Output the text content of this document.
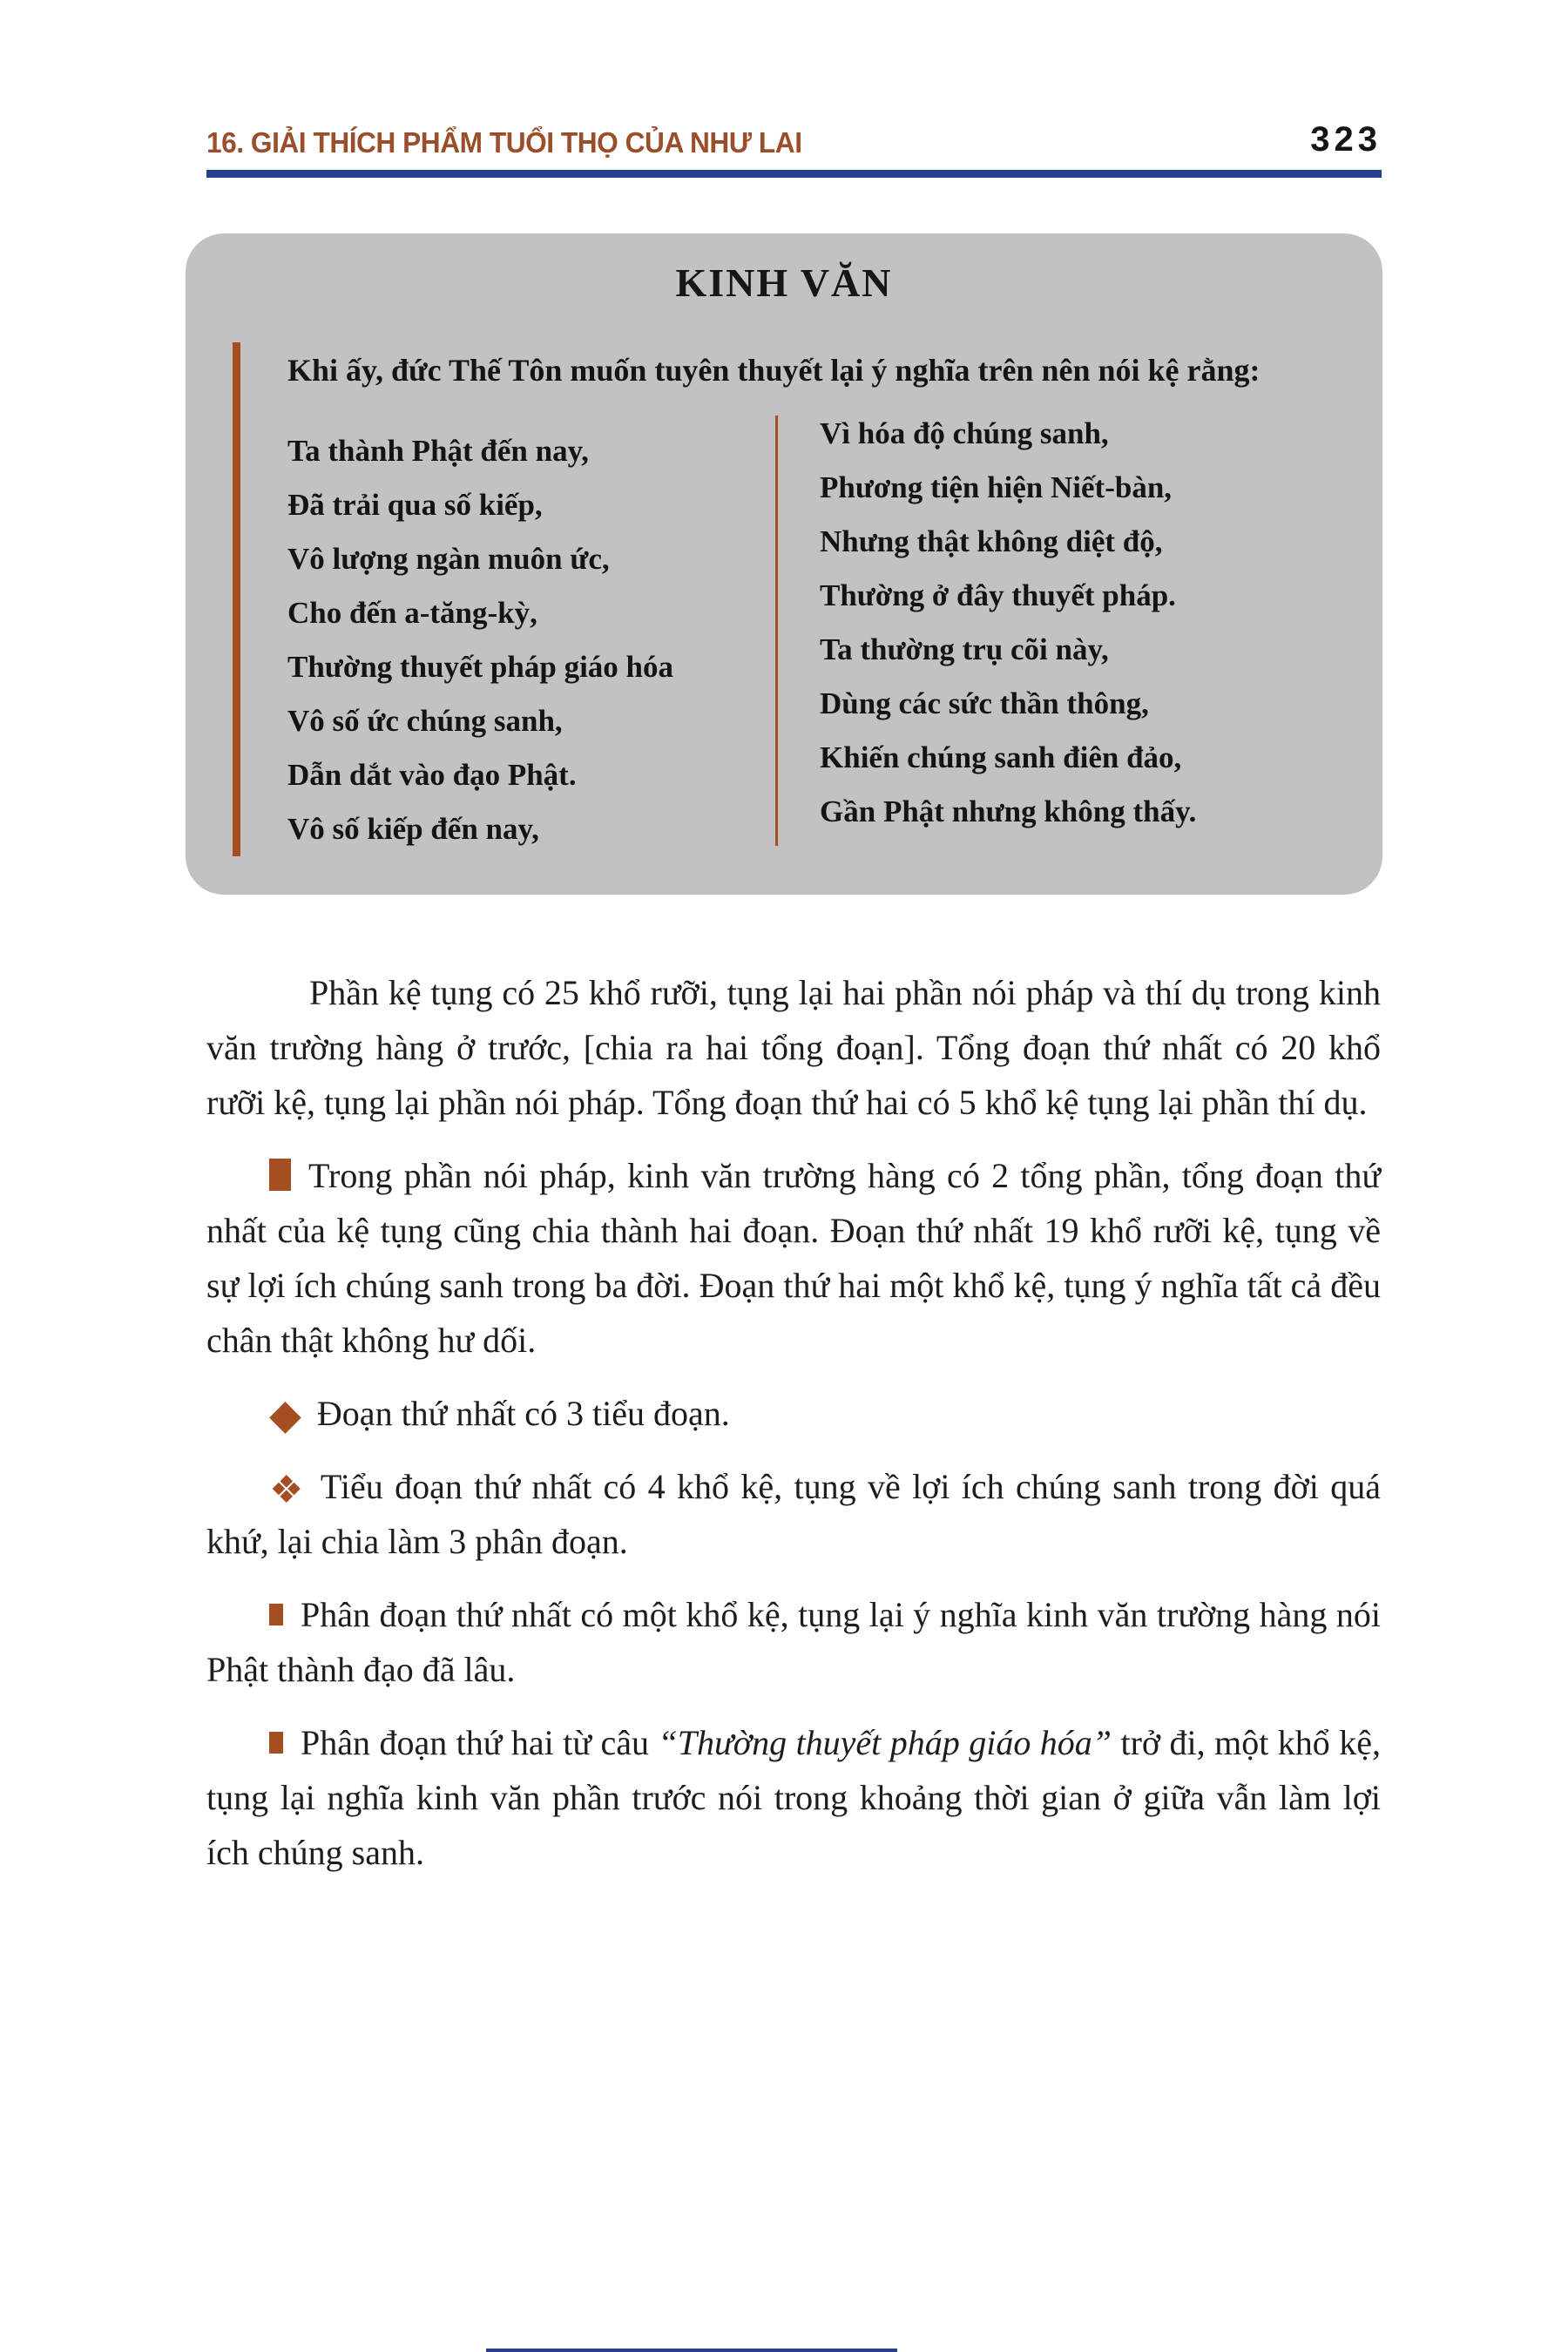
16. GIẢI THÍCH PHẨM TUỔI THỌ CỦA NHƯ LAI	323
KINH VĂN

Khi ấy, đức Thế Tôn muốn tuyên thuyết lại ý nghĩa trên nên nói kệ rằng:

Ta thành Phật đến nay,
Đã trải qua số kiếp,
Vô lượng ngàn muôn ức,
Cho đến a-tăng-kỳ,
Thường thuyết pháp giáo hóa
Vô số ức chúng sanh,
Dẫn dắt vào đạo Phật.
Vô số kiếp đến nay,
Vì hóa độ chúng sanh,
Phương tiện hiện Niết-bàn,
Nhưng thật không diệt độ,
Thường ở đây thuyết pháp.
Ta thường trụ cõi này,
Dùng các sức thần thông,
Khiến chúng sanh điên đảo,
Gần Phật nhưng không thấy.

Phần kệ tụng có 25 khổ rưỡi, tụng lại hai phần nói pháp và thí dụ trong kinh văn trường hàng ở trước, [chia ra hai tổng đoạn]. Tổng đoạn thứ nhất có 20 khổ rưỡi kệ, tụng lại phần nói pháp. Tổng đoạn thứ hai có 5 khổ kệ tụng lại phần thí dụ.

Trong phần nói pháp, kinh văn trường hàng có 2 tổng phần, tổng đoạn thứ nhất của kệ tụng cũng chia thành hai đoạn. Đoạn thứ nhất 19 khổ rưỡi kệ, tụng về sự lợi ích chúng sanh trong ba đời. Đoạn thứ hai một khổ kệ, tụng ý nghĩa tất cả đều chân thật không hư dối.

◆ Đoạn thứ nhất có 3 tiểu đoạn.

❖ Tiểu đoạn thứ nhất có 4 khổ kệ, tụng về lợi ích chúng sanh trong đời quá khứ, lại chia làm 3 phân đoạn.

Phân đoạn thứ nhất có một khổ kệ, tụng lại ý nghĩa kinh văn trường hàng nói Phật thành đạo đã lâu.

Phân đoạn thứ hai từ câu “Thường thuyết pháp giáo hóa” trở đi, một khổ kệ, tụng lại nghĩa kinh văn phần trước nói trong khoảng thời gian ở giữa vẫn làm lợi ích chúng sanh.
